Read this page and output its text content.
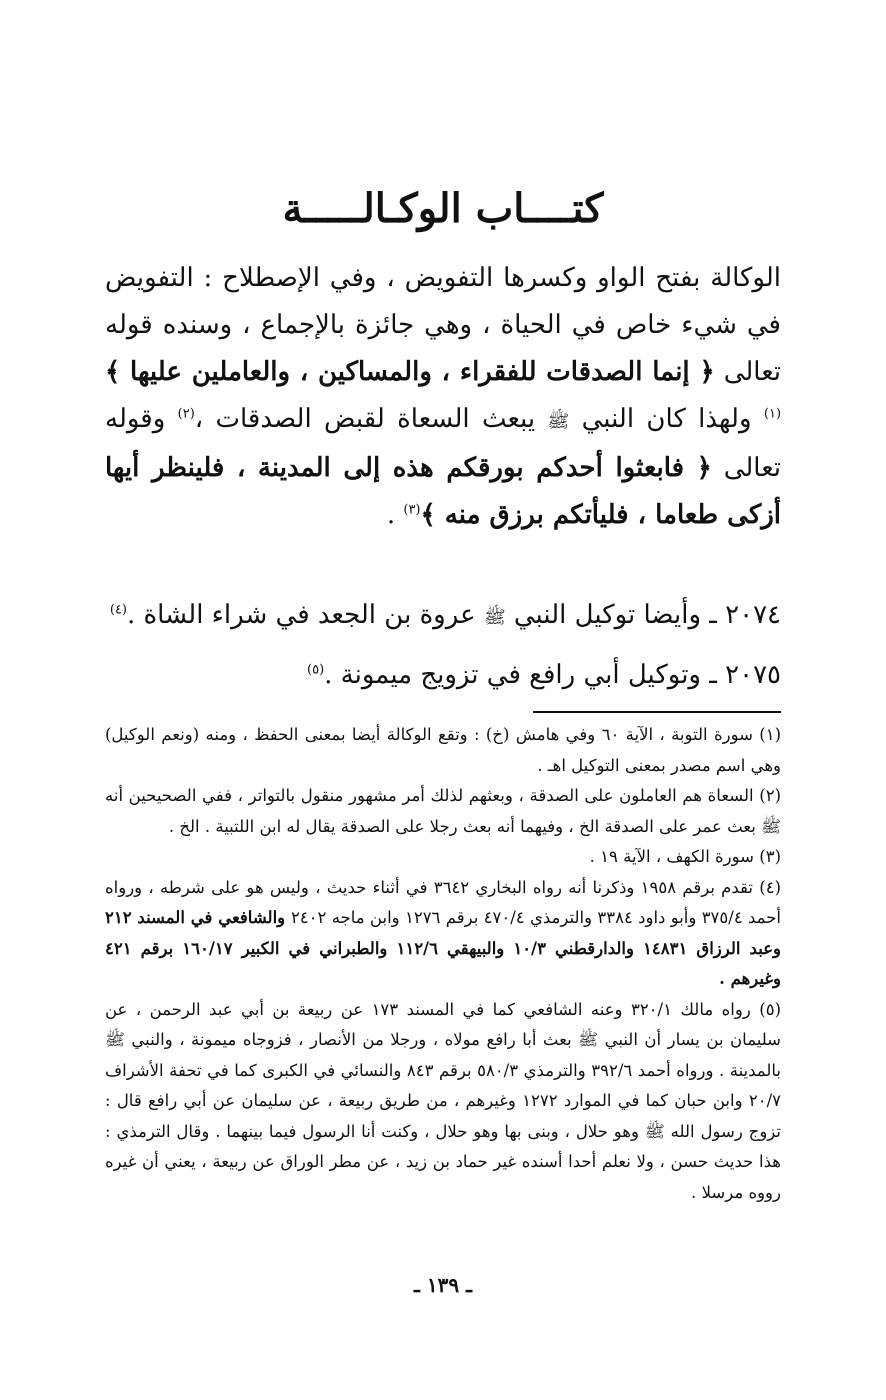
كتــــاب الوكـالـــــة

الوكالة بفتح الواو وكسرها التفويض ، وفي الإصطلاح : التفويض في شيء خاص في الحياة ، وهي جائزة بالإجماع ، وسنده قوله تعالى ﴿ إنما الصدقات للفقراء ، والمساكين ، والعاملين عليها ﴾$^{(١)}$ ولهذا كان النبي ﷺ يبعث السعاة لقبض الصدقات ،$^{(٢)}$ وقوله تعالى ﴿ فابعثوا أحدكم بورقكم هذه إلى المدينة ، فلينظر أيها أزكى طعاما ، فليأتكم برزق منه ﴾$^{(٣)}$ .

٢٠٧٤ ـ وأيضا توكيل النبي ﷺ عروة بن الجعد في شراء الشاة .$^{(٤)}$
٢٠٧٥ ـ وتوكيل أبي رافع في تزويج ميمونة .$^{(٥)}$

(١) سورة التوبة ، الآية ٦٠ وفي هامش (خ) : وتقع الوكالة أيضا بمعنى الحفظ ، ومنه (ونعم الوكيل) وهي اسم مصدر بمعنى التوكيل اهـ .

(٢) السعاة هم العاملون على الصدقة ، وبعثهم لذلك أمر مشهور منقول بالتواتر ، ففي الصحيحين أنه ﷺ بعث عمر على الصدقة الخ ، وفيهما أنه بعث رجلا على الصدقة يقال له ابن اللتبية . الخ .

(٣) سورة الكهف ، الآية ١٩ .

(٤) تقدم برقم ١٩٥٨ وذكرنا أنه رواه البخاري ٣٦٤٢ في أثناء حديث ، وليس هو على شرطه ، ورواه أحمد ٣٧٥/٤ وأبو داود ٣٣٨٤ والترمذي ٤٧٠/٤ برقم ١٢٧٦ وابن ماجه ٢٤٠٢ والشافعي في المسند ٢١٢ وعبد الرزاق ١٤٨٣١ والدارقطني ١٠/٣ والبيهقي ١١٢/٦ والطبراني في الكبير ١٦٠/١٧ برقم ٤٢١ وغيرهم .

(٥) رواه مالك ٣٢٠/١ وعنه الشافعي كما في المسند ١٧٣ عن ربيعة بن أبي عبد الرحمن ، عن سليمان بن يسار أن النبي ﷺ بعث أبا رافع مولاه ، ورجلا من الأنصار ، فزوجاه ميمونة ، والنبي ﷺ بالمدينة . ورواه أحمد ٣٩٢/٦ والترمذي ٥٨٠/٣ برقم ٨٤٣ والنسائي في الكبرى كما في تحفة الأشراف ٢٠/٧ وابن حبان كما في الموارد ١٢٧٢ وغيرهم ، من طريق ربيعة ، عن سليمان عن أبي رافع قال : تزوج رسول الله ﷺ وهو حلال ، وبنى بها وهو حلال ، وكنت أنا الرسول فيما بينهما . وقال الترمذي : هذا حديث حسن ، ولا نعلم أحدا أسنده غير حماد بن زيد ، عن مطر الوراق عن ربيعة ، يعني أن غيره رووه مرسلا .

ـ ١٣٩ ـ
